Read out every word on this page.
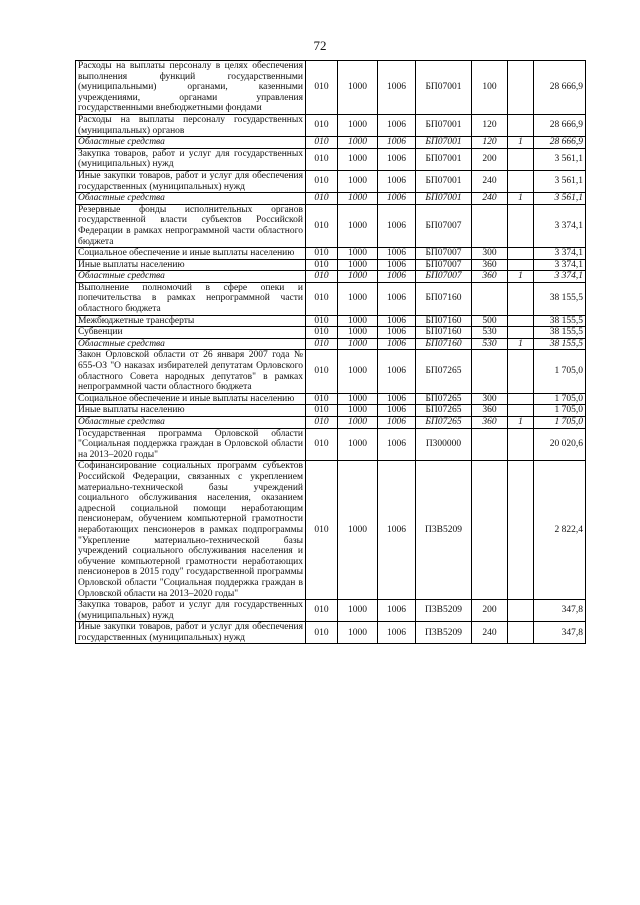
72
Расходы на выплаты персоналу в целях обеспечения выполнения функций государственными (муниципальными) органами, казенными учреждениями, органами управления государственными внебюджетными фондами	010	1000	1006	БП07001	100		28 666,9
Расходы на выплаты персоналу государственных (муниципальных) органов	010	1000	1006	БП07001	120		28 666,9
Областные средства	010	1000	1006	БП07001	120	1	28 666,9
Закупка товаров, работ и услуг для государственных (муниципальных) нужд	010	1000	1006	БП07001	200		3 561,1
Иные закупки товаров, работ и услуг для обеспечения государственных (муниципальных) нужд	010	1000	1006	БП07001	240		3 561,1
Областные средства	010	1000	1006	БП07001	240	1	3 561,1
Резервные фонды исполнительных органов государственной власти субъектов Российской Федерации в рамках непрограммной части областного бюджета	010	1000	1006	БП07007			3 374,1
Социальное обеспечение и иные выплаты населению	010	1000	1006	БП07007	300		3 374,1
Иные выплаты населению	010	1000	1006	БП07007	360		3 374,1
Областные средства	010	1000	1006	БП07007	360	1	3 374,1
Выполнение полномочий в сфере опеки и попечительства в рамках непрограммной части областного бюджета	010	1000	1006	БП07160			38 155,5
Межбюджетные трансферты	010	1000	1006	БП07160	500		38 155,5
Субвенции	010	1000	1006	БП07160	530		38 155,5
Областные средства	010	1000	1006	БП07160	530	1	38 155,5
Закон Орловской области от 26 января 2007 года № 655-ОЗ "О наказах избирателей депутатам Орловского областного Совета народных депутатов" в рамках непрограммной части областного бюджета	010	1000	1006	БП07265			1 705,0
Социальное обеспечение и иные выплаты населению	010	1000	1006	БП07265	300		1 705,0
Иные выплаты населению	010	1000	1006	БП07265	360		1 705,0
Областные средства	010	1000	1006	БП07265	360	1	1 705,0
Государственная программа Орловской области "Социальная поддержка граждан в Орловской области на 2013–2020 годы"	010	1000	1006	П300000			20 020,6
Софинансирование социальных программ субъектов Российской Федерации, связанных с укреплением материально-технической базы учреждений социального обслуживания населения, оказанием адресной социальной помощи неработающим пенсионерам, обучением компьютерной грамотности неработающих пенсионеров в рамках подпрограммы "Укрепление материально-технической базы учреждений социального обслуживания населения и обучение компьютерной грамотности неработающих пенсионеров в 2015 году" государственной программы Орловской области "Социальная поддержка граждан в Орловской области на 2013–2020 годы"	010	1000	1006	П3В5209			2 822,4
Закупка товаров, работ и услуг для государственных (муниципальных) нужд	010	1000	1006	П3В5209	200		347,8
Иные закупки товаров, работ и услуг для обеспечения государственных (муниципальных) нужд	010	1000	1006	П3В5209	240		347,8
